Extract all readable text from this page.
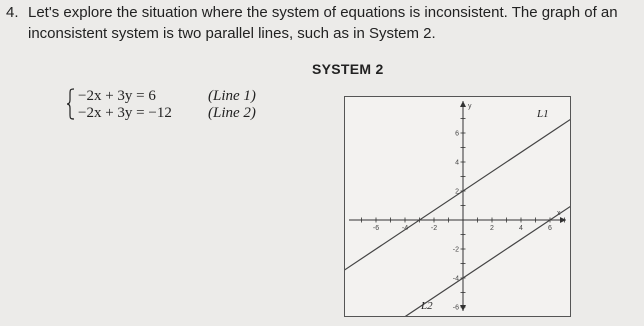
4. Let's explore the situation where the system of equations is inconsistent. The graph of an
inconsistent system is two parallel lines, such as in System 2.
SYSTEM 2
−2x + 3y = 6	(Line 1)
−2x + 3y = −12 (Line 2)
-6	-4	-2	2	4	6
6
4
2
-2
-4
-6
x
y
L1
L2
